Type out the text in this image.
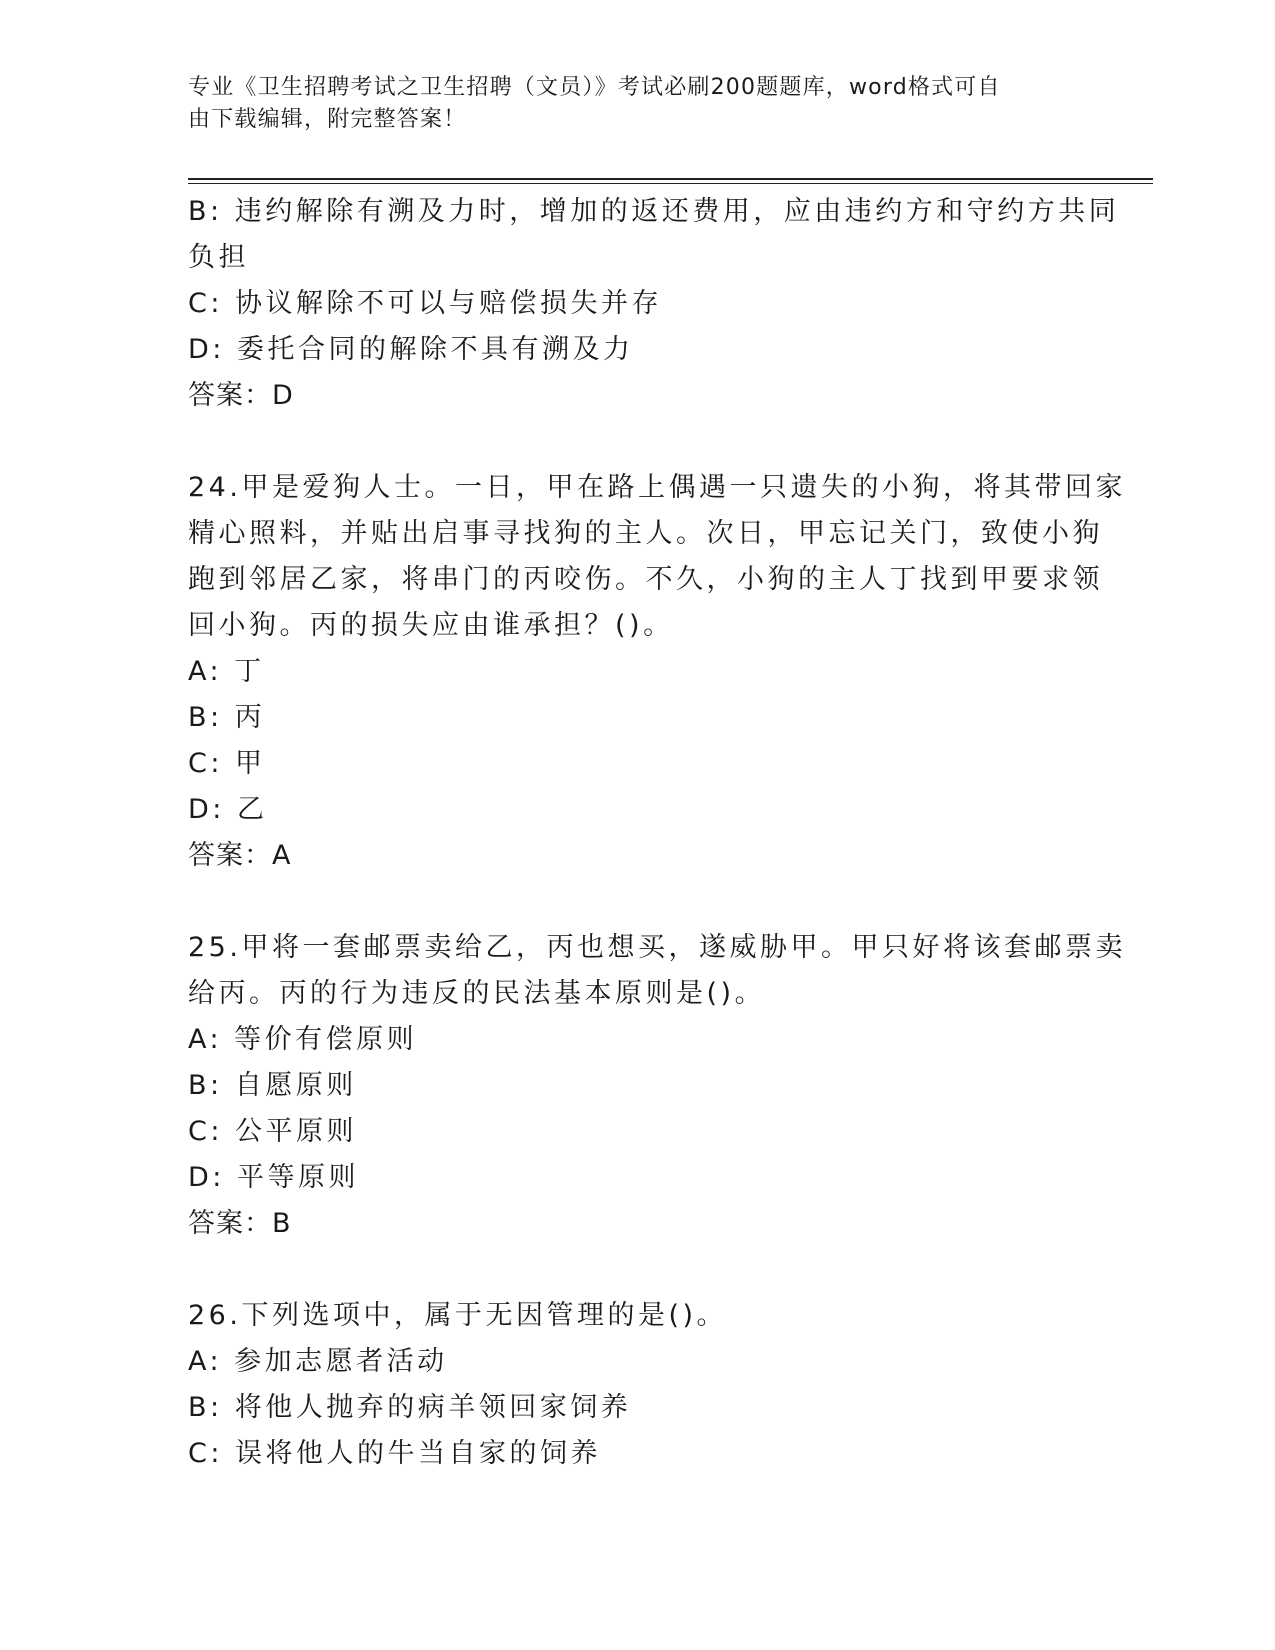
专业《卫生招聘考试之卫生招聘（文员）》考试必刷200题题库，word格式可自
由下载编辑，附完整答案！
B: 违约解除有溯及力时，增加的返还费用，应由违约方和守约方共同
负担
C: 协议解除不可以与赔偿损失并存
D: 委托合同的解除不具有溯及力
答案：D
24.甲是爱狗人士。一日，甲在路上偶遇一只遗失的小狗，将其带回家
精心照料，并贴出启事寻找狗的主人。次日，甲忘记关门，致使小狗
跑到邻居乙家，将串门的丙咬伤。不久，小狗的主人丁找到甲要求领
回小狗。丙的损失应由谁承担？()。
A: 丁
B: 丙
C: 甲
D: 乙
答案：A
25.甲将一套邮票卖给乙，丙也想买，遂威胁甲。甲只好将该套邮票卖
给丙。丙的行为违反的民法基本原则是()。
A: 等价有偿原则
B: 自愿原则
C: 公平原则
D: 平等原则
答案：B
26.下列选项中，属于无因管理的是()。
A: 参加志愿者活动
B: 将他人抛弃的病羊领回家饲养
C: 误将他人的牛当自家的饲养
